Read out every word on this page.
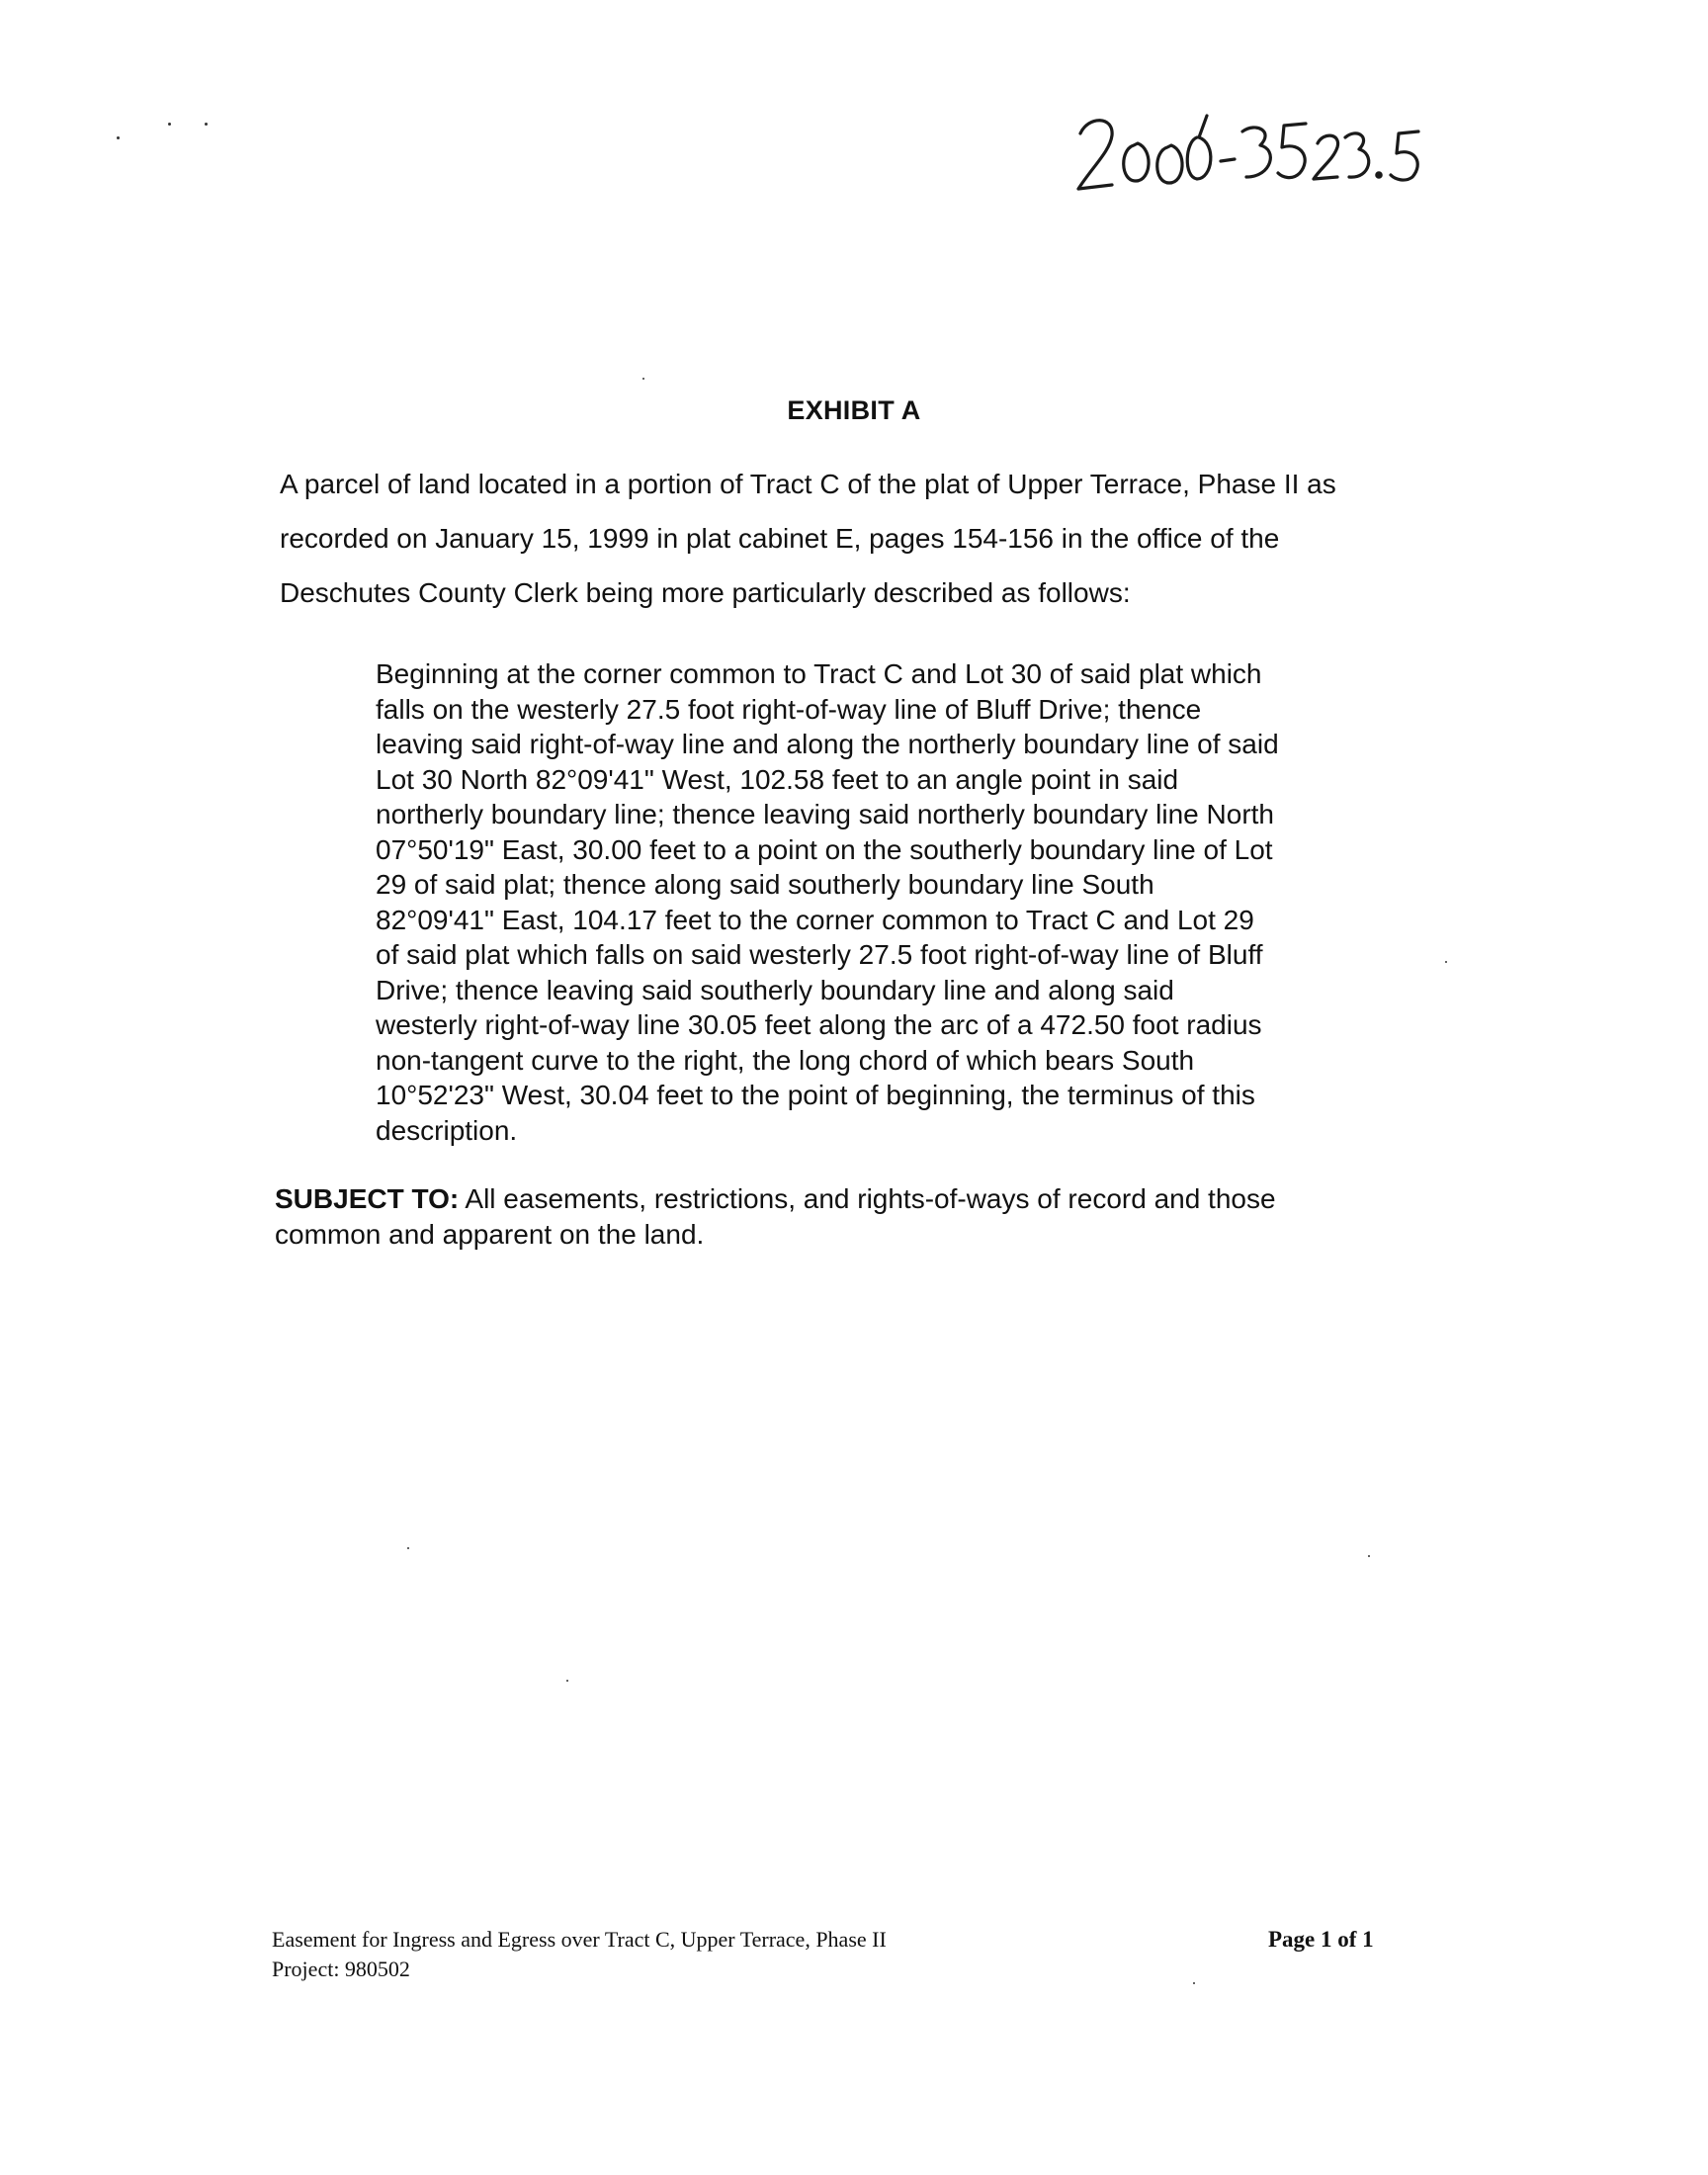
EXHIBIT A
A parcel of land located in a portion of Tract C of the plat of Upper Terrace, Phase II as
recorded on January 15, 1999 in plat cabinet E, pages 154-156 in the office of the
Deschutes County Clerk being more particularly described as follows:
Beginning at the corner common to Tract C and Lot 30 of said plat which
falls on the westerly 27.5 foot right-of-way line of Bluff Drive; thence
leaving said right-of-way line and along the northerly boundary line of said
Lot 30 North 82°09'41" West, 102.58 feet to an angle point in said
northerly boundary line; thence leaving said northerly boundary line North
07°50'19" East, 30.00 feet to a point on the southerly boundary line of Lot
29 of said plat; thence along said southerly boundary line South
82°09'41" East, 104.17 feet to the corner common to Tract C and Lot 29
of said plat which falls on said westerly 27.5 foot right-of-way line of Bluff
Drive; thence leaving said southerly boundary line and along said
westerly right-of-way line 30.05 feet along the arc of a 472.50 foot radius
non-tangent curve to the right, the long chord of which bears South
10°52'23" West, 30.04 feet to the point of beginning, the terminus of this
description.
SUBJECT TO: All easements, restrictions, and rights-of-ways of record and those
common and apparent on the land.
Easement for Ingress and Egress over Tract C, Upper Terrace, Phase II
Project: 980502
Page 1 of 1
